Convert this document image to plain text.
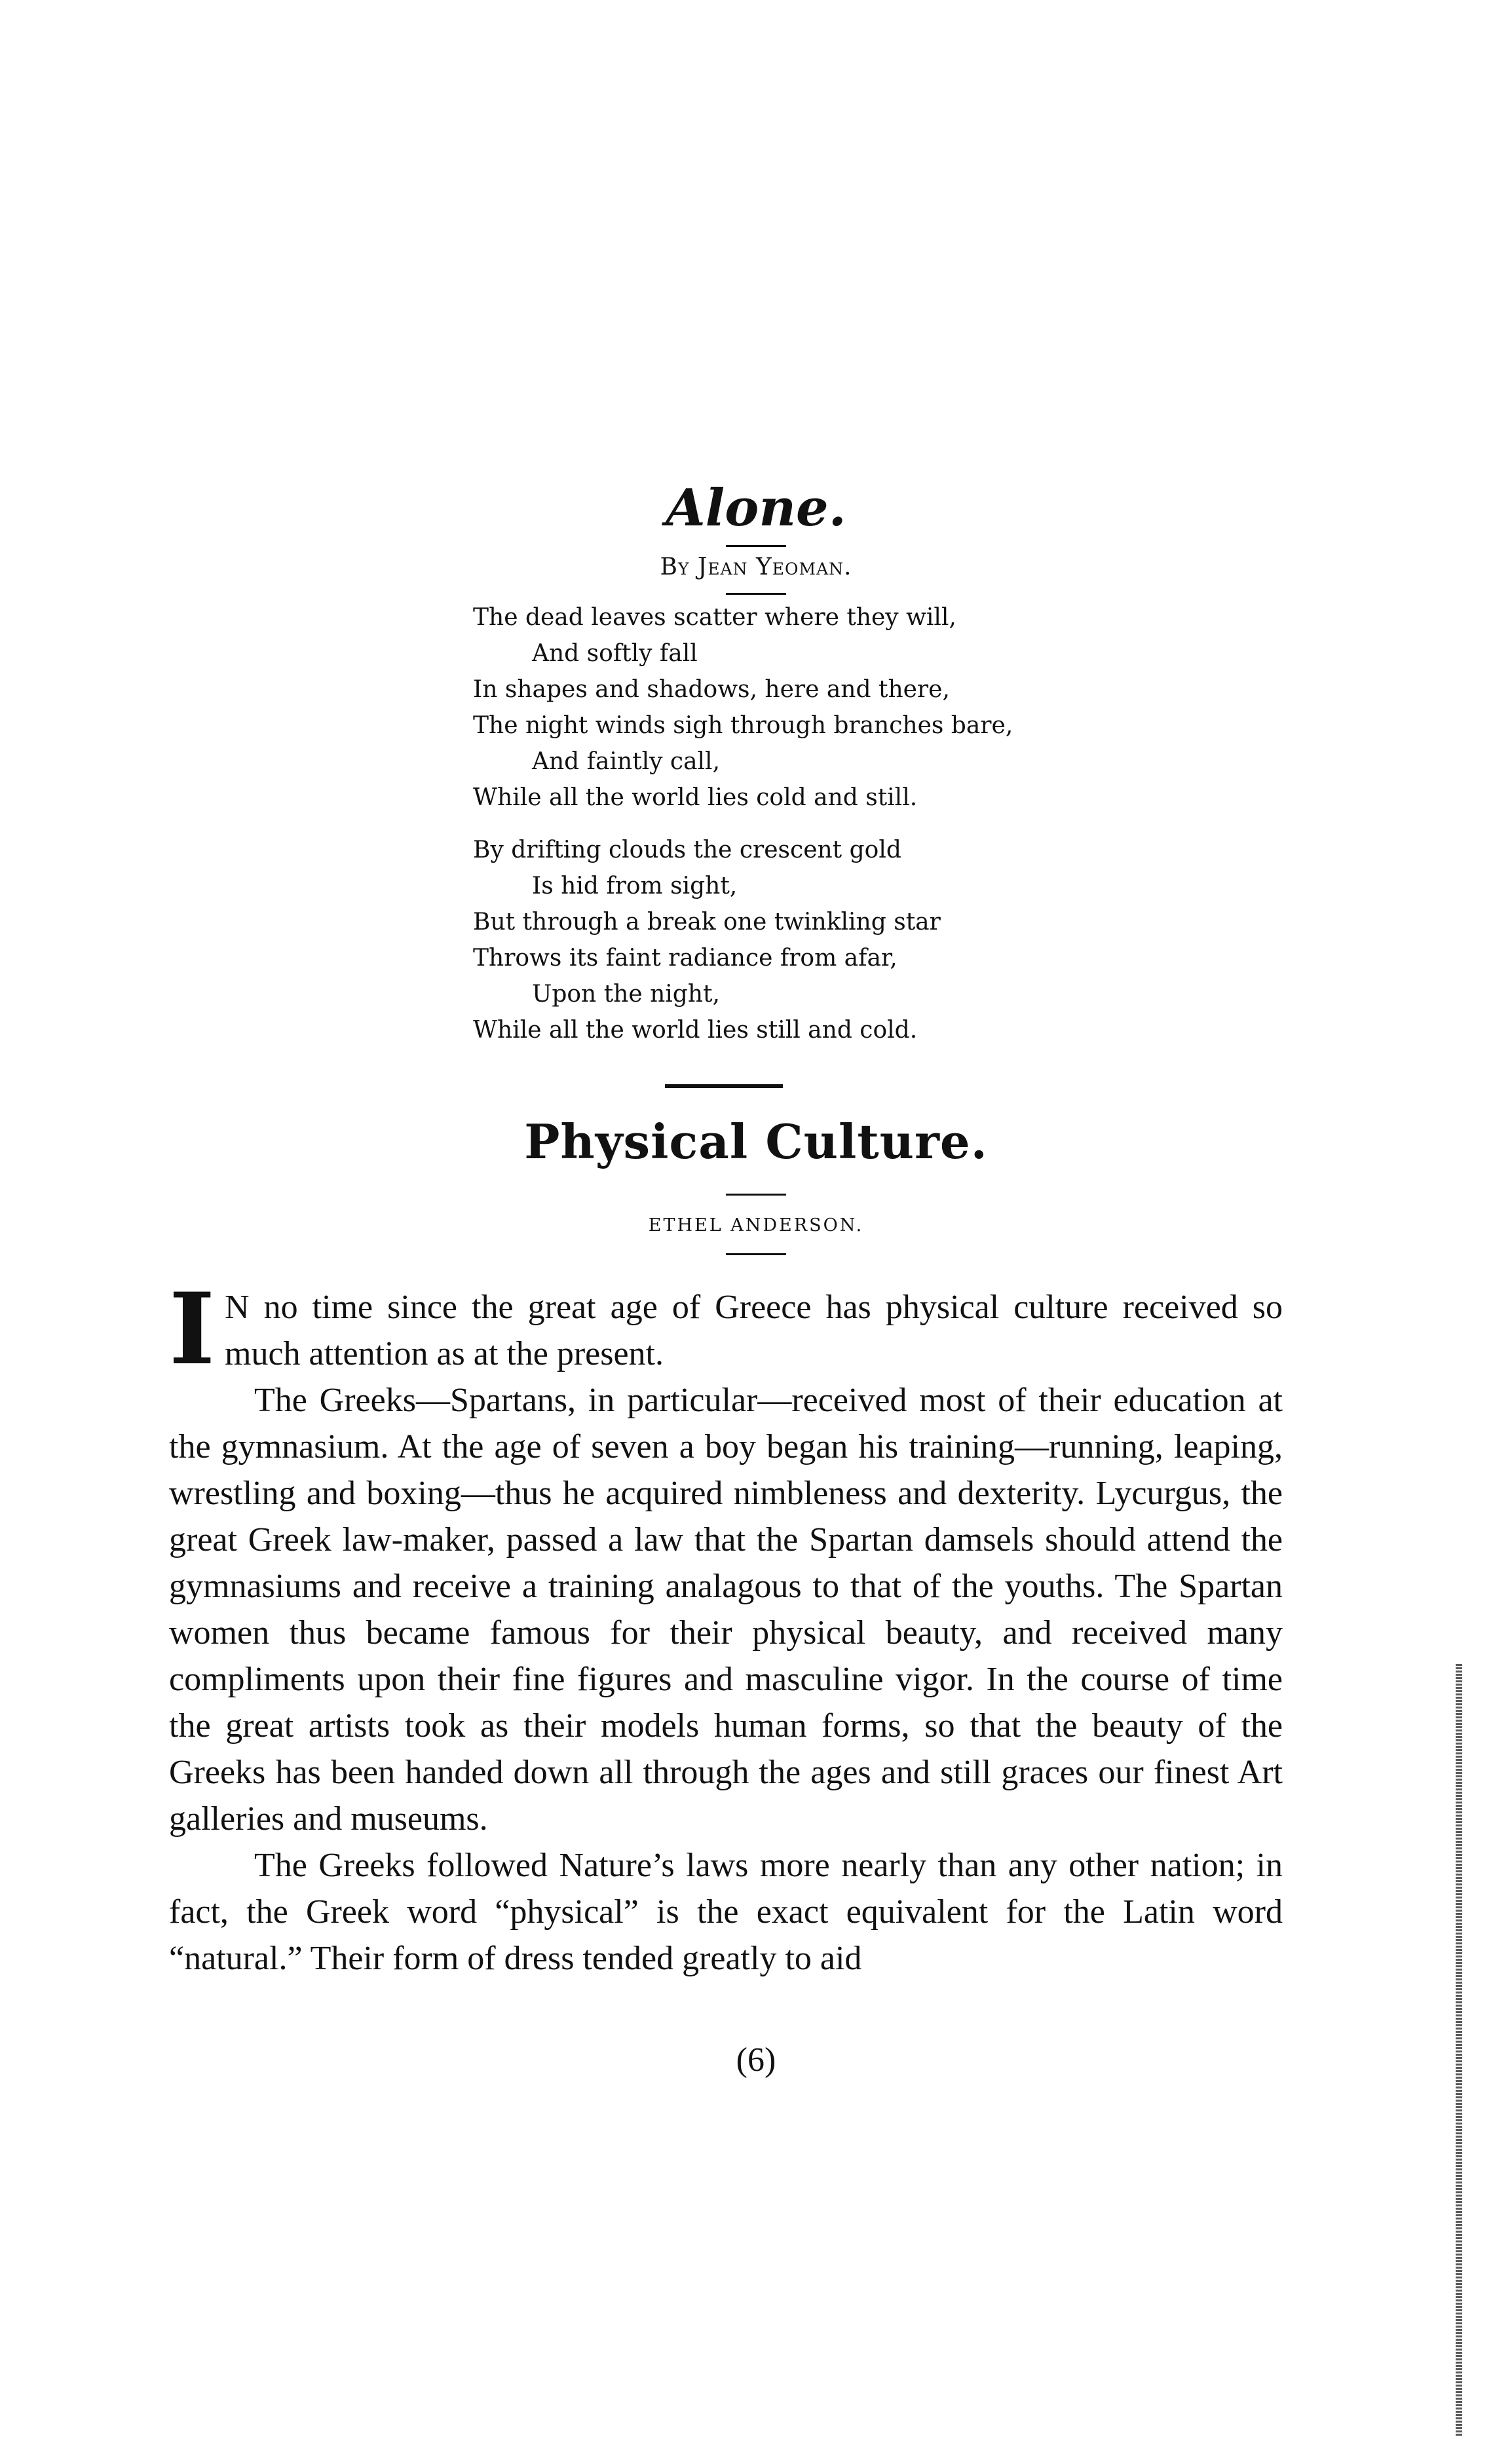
Alone.

By Jean Yeoman.

The dead leaves scatter where they will,
And softly fall
In shapes and shadows, here and there,
The night winds sigh through branches bare,
And faintly call,
While all the world lies cold and still.
By drifting clouds the crescent gold
Is hid from sight,
But through a break one twinkling star
Throws its faint radiance from afar,
Upon the night,
While all the world lies still and cold.
Physical Culture.

ETHEL ANDERSON.

I N no time since the great age of Greece has physical culture received so much attention as at the present.

The Greeks—Spartans, in particular—received most of their education at the gymnasium. At the age of seven a boy began his training—running, leaping, wrestling and boxing—thus he acquired nimbleness and dexterity. Lycurgus, the great Greek law-maker, passed a law that the Spartan damsels should attend the gymnasiums and receive a training analagous to that of the youths. The Spartan women thus became famous for their physical beauty, and received many compliments upon their fine figures and masculine vigor. In the course of time the great artists took as their models human forms, so that the beauty of the Greeks has been handed down all through the ages and still graces our finest Art galleries and museums.

The Greeks followed Nature’s laws more nearly than any other nation; in fact, the Greek word “physical” is the exact equivalent for the Latin word “natural.” Their form of dress tended greatly to aid

(6)
